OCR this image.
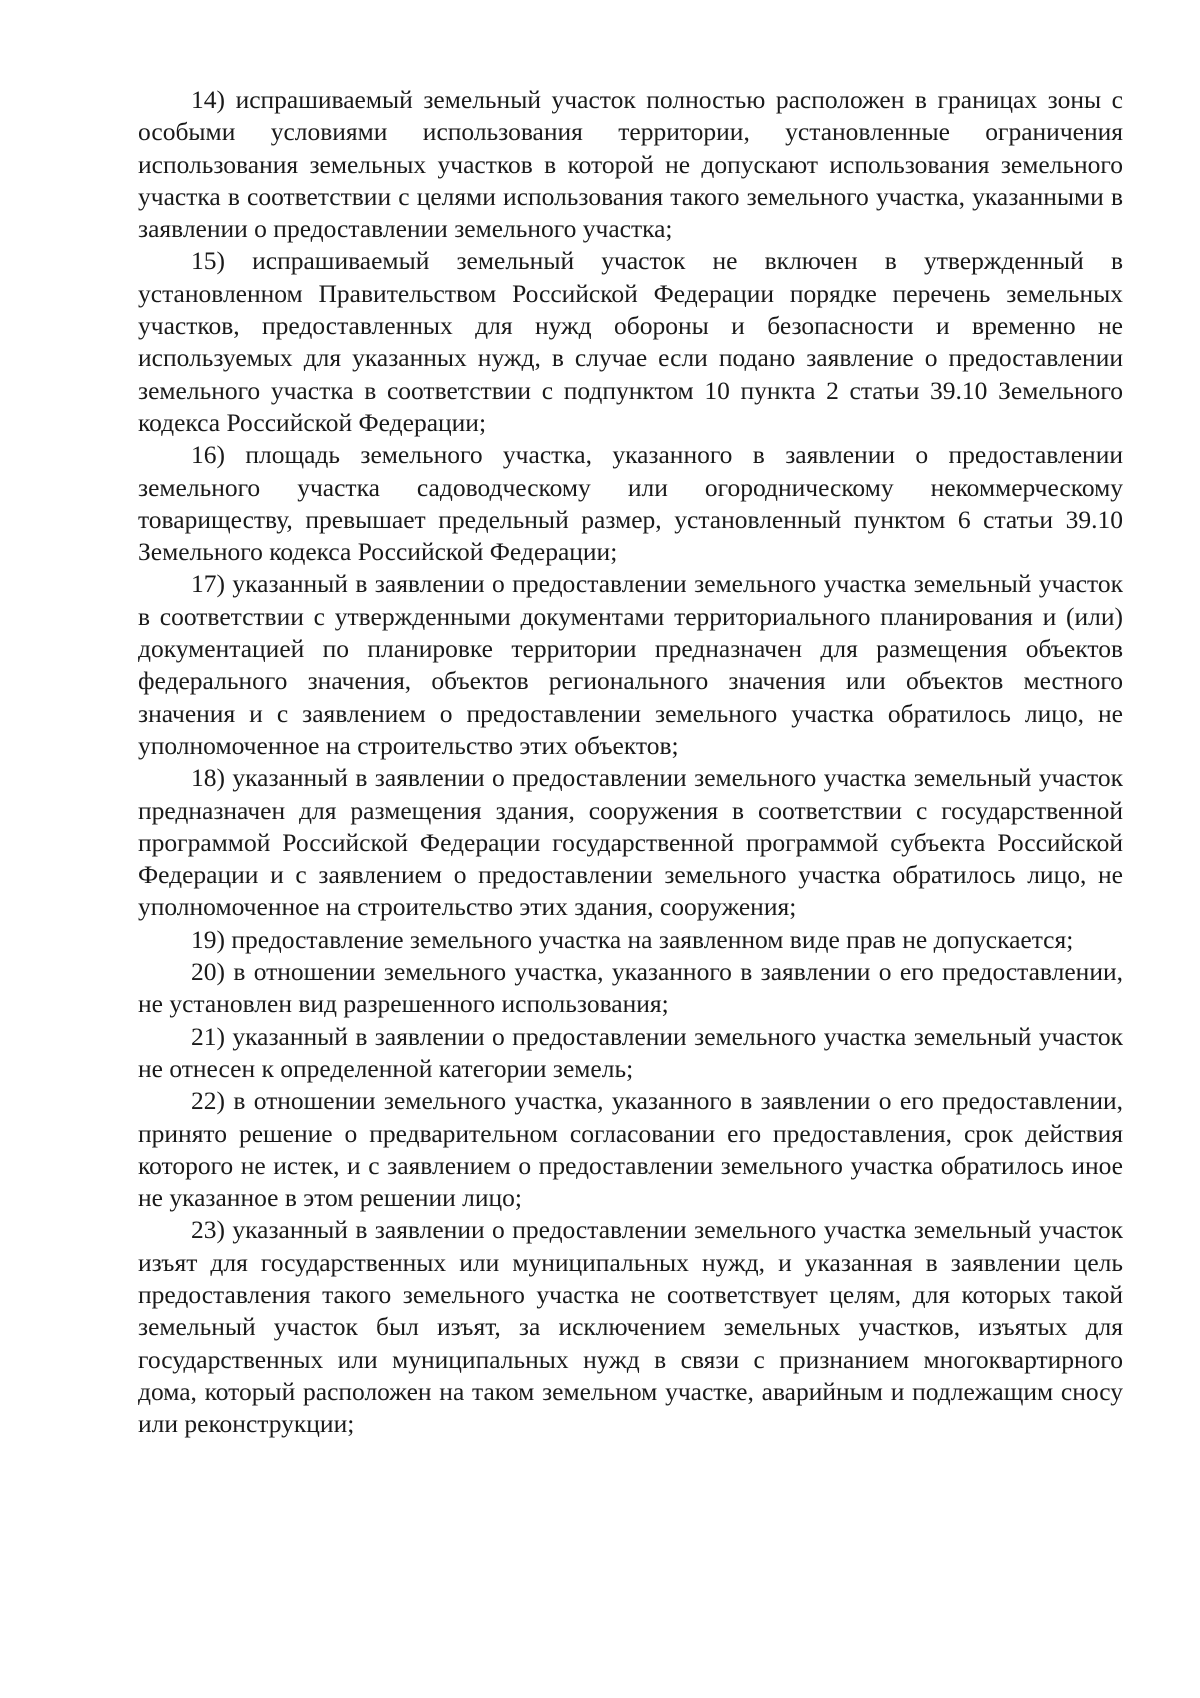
14) испрашиваемый земельный участок полностью расположен в границах зоны с особыми условиями использования территории, установленные ограничения использования земельных участков в которой не допускают использования земельного участка в соответствии с целями использования такого земельного участка, указанными в заявлении о предоставлении земельного участка;

15) испрашиваемый земельный участок не включен в утвержденный в установленном Правительством Российской Федерации порядке перечень земельных участков, предоставленных для нужд обороны и безопасности и временно не используемых для указанных нужд, в случае если подано заявление о предоставлении земельного участка в соответствии с подпунктом 10 пункта 2 статьи 39.10 Земельного кодекса Российской Федерации;

16) площадь земельного участка, указанного в заявлении о предоставлении земельного участка садоводческому или огородническому некоммерческому товариществу, превышает предельный размер, установленный пунктом 6 статьи 39.10 Земельного кодекса Российской Федерации;

17) указанный в заявлении о предоставлении земельного участка земельный участок в соответствии с утвержденными документами территориального планирования и (или) документацией по планировке территории предназначен для размещения объектов федерального значения, объектов регионального значения или объектов местного значения и с заявлением о предоставлении земельного участка обратилось лицо, не уполномоченное на строительство этих объектов;

18) указанный в заявлении о предоставлении земельного участка земельный участок предназначен для размещения здания, сооружения в соответствии с государственной программой Российской Федерации государственной программой субъекта Российской Федерации и с заявлением о предоставлении земельного участка обратилось лицо, не уполномоченное на строительство этих здания, сооружения;

19) предоставление земельного участка на заявленном виде прав не допускается;

20) в отношении земельного участка, указанного в заявлении о его предоставлении, не установлен вид разрешенного использования;

21) указанный в заявлении о предоставлении земельного участка земельный участок не отнесен к определенной категории земель;

22) в отношении земельного участка, указанного в заявлении о его предоставлении, принято решение о предварительном согласовании его предоставления, срок действия которого не истек, и с заявлением о предоставлении земельного участка обратилось иное не указанное в этом решении лицо;

23) указанный в заявлении о предоставлении земельного участка земельный участок изъят для государственных или муниципальных нужд, и указанная в заявлении цель предоставления такого земельного участка не соответствует целям, для которых такой земельный участок был изъят, за исключением земельных участков, изъятых для государственных или муниципальных нужд в связи с признанием многоквартирного дома, который расположен на таком земельном участке, аварийным и подлежащим сносу или реконструкции;
